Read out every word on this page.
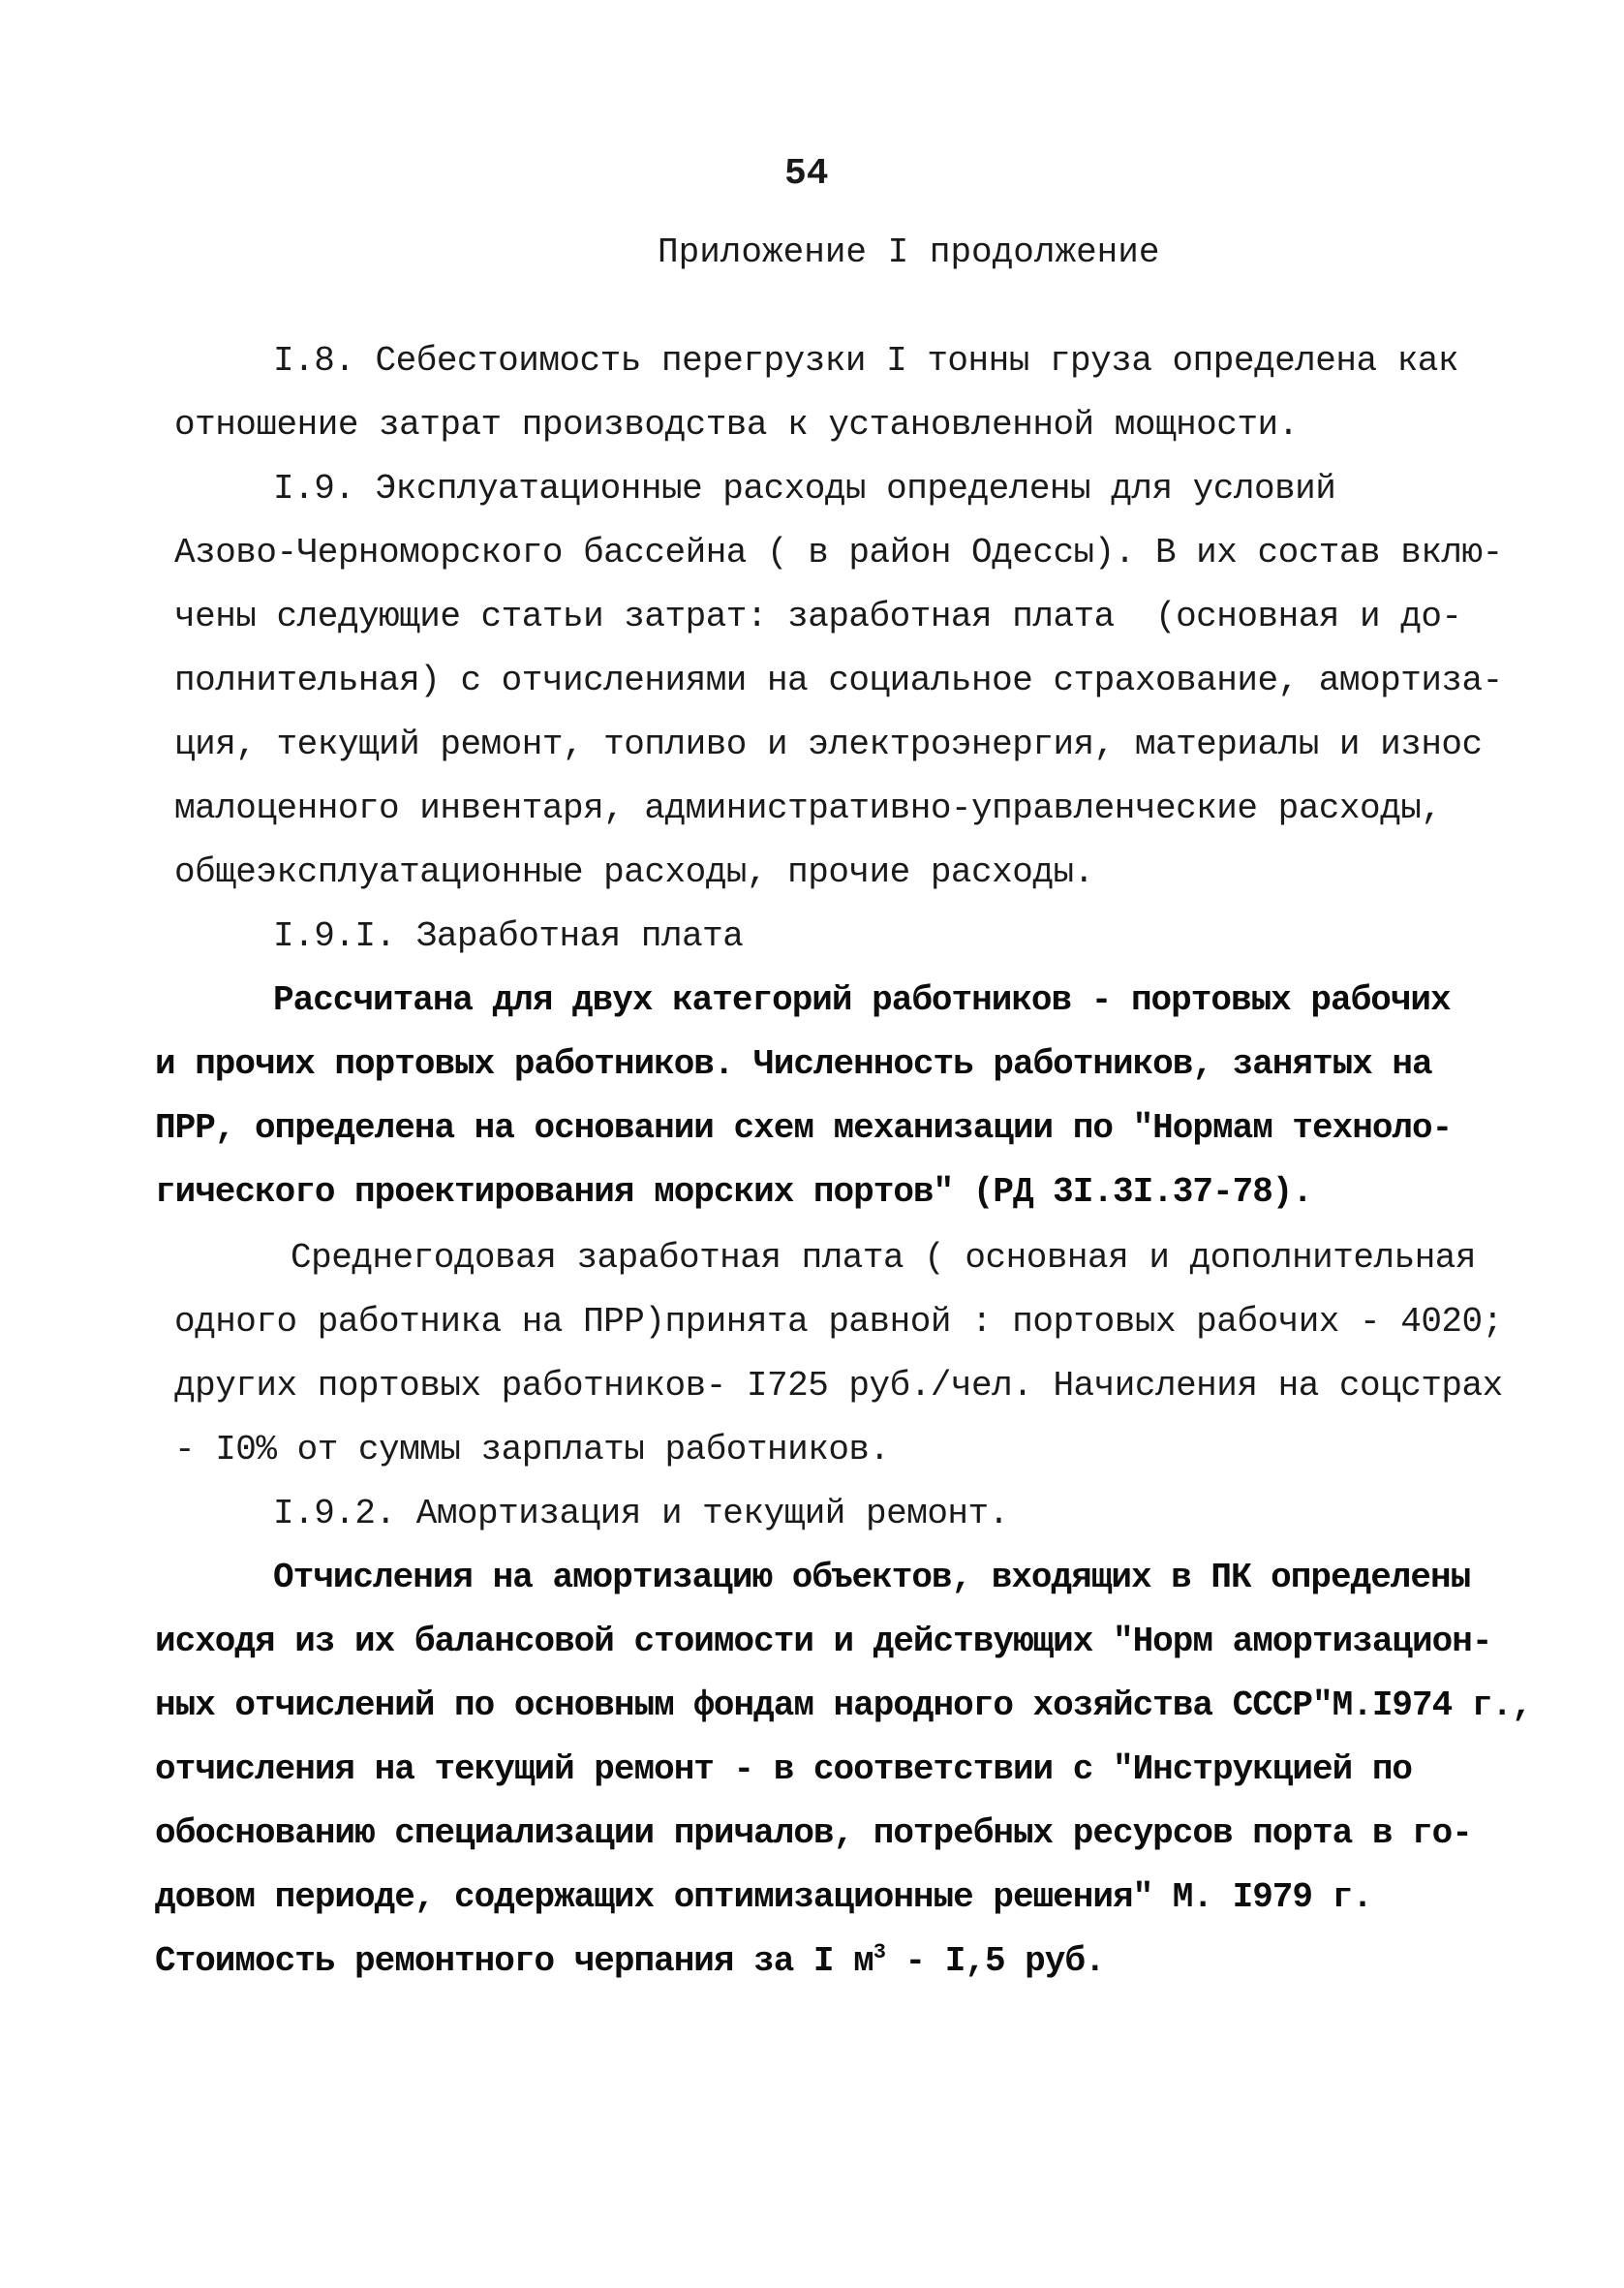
54
Приложение I продолжение
I.8. Себестоимость перегрузки I тонны груза определена как
отношение затрат производства к установленной мощности.
I.9. Эксплуатационные расходы определены для условий
Азово-Черноморского бассейна ( в район Одессы). В их состав вклю-
чены следующие статьи затрат: заработная плата  (основная и до-
полнительная) с отчислениями на социальное страхование, амортиза-
ция, текущий ремонт, топливо и электроэнергия, материалы и износ
малоценного инвентаря, административно-управленческие расходы,
общеэксплуатационные расходы, прочие расходы.
I.9.I. Заработная плата
Рассчитана для двух категорий работников - портовых рабочих
и прочих портовых работников. Численность работников, занятых на
ПРР, определена на основании схем механизации по "Нормам техноло-
гического проектирования морских портов" (РД 3I.3I.37-78).
Среднегодовая заработная плата ( основная и дополнительная
одного работника на ПРР)принята равной : портовых рабочих - 4020;
других портовых работников- I725 руб./чел. Начисления на соцстрах
- I0% от суммы зарплаты работников.
I.9.2. Амортизация и текущий ремонт.
Отчисления на амортизацию объектов, входящих в ПК определены
исходя из их балансовой стоимости и действующих "Норм амортизацион-
ных отчислений по основным фондам народного хозяйства СССР"М.I974 г.,
отчисления на текущий ремонт - в соответствии с "Инструкцией по
обоснованию специализации причалов, потребных ресурсов порта в го-
довом периоде, содержащих оптимизационные решения" М. I979 г.
Стоимость ремонтного черпания за I $м^3 - I,5$ руб.
